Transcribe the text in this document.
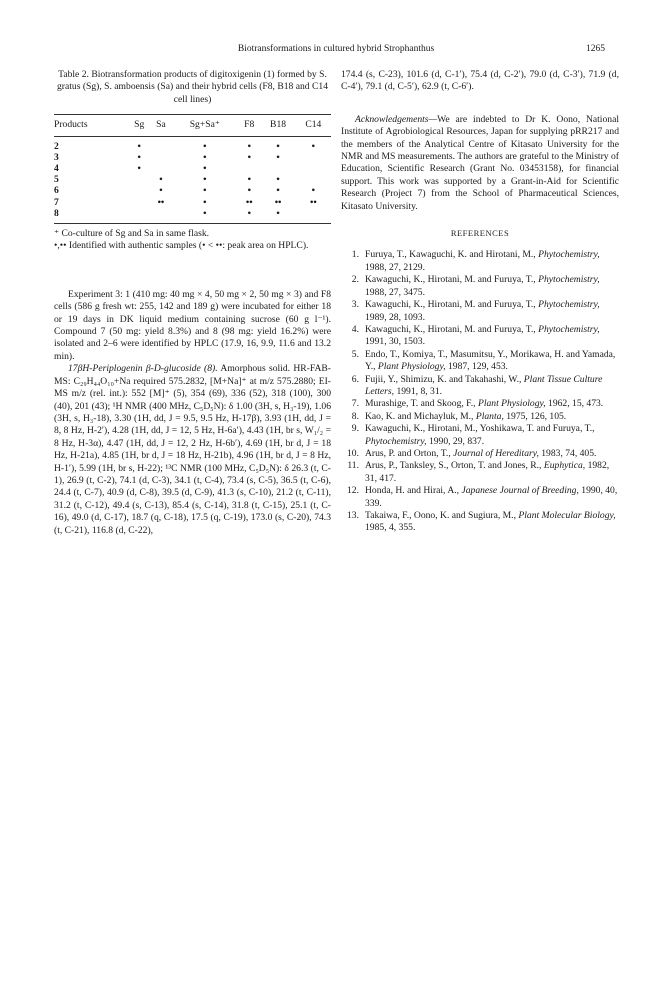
Biotransformations in cultured hybrid Strophanthus	1265

Table 2. Biotransformation products of digitoxigenin (1) formed by S. gratus (Sg), S. amboensis (Sa) and their hybrid cells (F8, B18 and C14 cell lines)

Products	Sg	Sa	Sg+Sa⁺	F8	B18	C14
2	•		•	•	•	•
3	•		•	•	•	
4	•		•			
5		•	•	•	•	
6		•	•	•	•	•
7		••	•	••	••	••
8			•	•	•	

⁺ Co-culture of Sg and Sa in same flask.

•,•• Identified with authentic samples (• < ••: peak area on HPLC).

Experiment 3: 1 (410 mg: 40 mg × 4, 50 mg × 2, 50 mg × 3) and F8 cells (586 g fresh wt: 255, 142 and 189 g) were incubated for either 18 or 19 days in DK liquid medium containing sucrose (60 g l⁻¹). Compound 7 (50 mg: yield 8.3%) and 8 (98 mg: yield 16.2%) were isolated and 2–6 were identified by HPLC (17.9, 16, 9.9, 11.6 and 13.2 min).

17βH-Periplogenin β-D-glucoside (8). Amorphous solid. HR-FAB-MS: C₂₉H₄₄O₁₀+Na required 575.2832, [M+Na]⁺ at m/z 575.2880; EI-MS m/z (rel. int.): 552 [M]⁺ (5), 354 (69), 336 (52), 318 (100), 300 (40), 201 (43); ¹H NMR (400 MHz, C₅D₅N): δ 1.00 (3H, s, H₃-19), 1.06 (3H, s, H₃-18), 3.30 (1H, dd, J = 9.5, 9.5 Hz, H-17β), 3.93 (1H, dd, J = 8, 8 Hz, H-2′), 4.28 (1H, dd, J = 12, 5 Hz, H-6a′), 4.43 (1H, br s, W₁/₂ = 8 Hz, H-3α), 4.47 (1H, dd, J = 12, 2 Hz, H-6b′), 4.69 (1H, br d, J = 18 Hz, H-21a), 4.85 (1H, br d, J = 18 Hz, H-21b), 4.96 (1H, br d, J = 8 Hz, H-1′), 5.99 (1H, br s, H-22); ¹³C NMR (100 MHz, C₅D₅N): δ 26.3 (t, C-1), 26.9 (t, C-2), 74.1 (d, C-3), 34.1 (t, C-4), 73.4 (s, C-5), 36.5 (t, C-6), 24.4 (t, C-7), 40.9 (d, C-8), 39.5 (d, C-9), 41.3 (s, C-10), 21.2 (t, C-11), 31.2 (t, C-12), 49.4 (s, C-13), 85.4 (s, C-14), 31.8 (t, C-15), 25.1 (t, C-16), 49.0 (d, C-17), 18.7 (q, C-18), 17.5 (q, C-19), 173.0 (s, C-20), 74.3 (t, C-21), 116.8 (d, C-22),

174.4 (s, C-23), 101.6 (d, C-1′), 75.4 (d, C-2′), 79.0 (d, C-3′), 71.9 (d, C-4′), 79.1 (d, C-5′), 62.9 (t, C-6′).

Acknowledgements—We are indebted to Dr K. Oono, National Institute of Agrobiological Resources, Japan for supplying pRR217 and the members of the Analytical Centre of Kitasato University for the NMR and MS measurements. The authors are grateful to the Ministry of Education, Scientific Research (Grant No. 03453158), for financial support. This work was supported by a Grant-in-Aid for Scientific Research (Project 7) from the School of Pharmaceutical Sciences, Kitasato University.

REFERENCES
1. Furuya, T., Kawaguchi, K. and Hirotani, M., Phytochemistry, 1988, 27, 2129.
2. Kawaguchi, K., Hirotani, M. and Furuya, T., Phytochemistry, 1988, 27, 3475.
3. Kawaguchi, K., Hirotani, M. and Furuya, T., Phytochemistry, 1989, 28, 1093.
4. Kawaguchi, K., Hirotani, M. and Furuya, T., Phytochemistry, 1991, 30, 1503.
5. Endo, T., Komiya, T., Masumitsu, Y., Morikawa, H. and Yamada, Y., Plant Physiology, 1987, 129, 453.
6. Fujii, Y., Shimizu, K. and Takahashi, W., Plant Tissue Culture Letters, 1991, 8, 31.
7. Murashige, T. and Skoog, F., Plant Physiology, 1962, 15, 473.
8. Kao, K. and Michayluk, M., Planta, 1975, 126, 105.
9. Kawaguchi, K., Hirotani, M., Yoshikawa, T. and Furuya, T., Phytochemistry, 1990, 29, 837.
10. Arus, P. and Orton, T., Journal of Hereditary, 1983, 74, 405.
11. Arus, P., Tanksley, S., Orton, T. and Jones, R., Euphytica, 1982, 31, 417.
12. Honda, H. and Hirai, A., Japanese Journal of Breeding, 1990, 40, 339.
13. Takaiwa, F., Oono, K. and Sugiura, M., Plant Molecular Biology, 1985, 4, 355.
